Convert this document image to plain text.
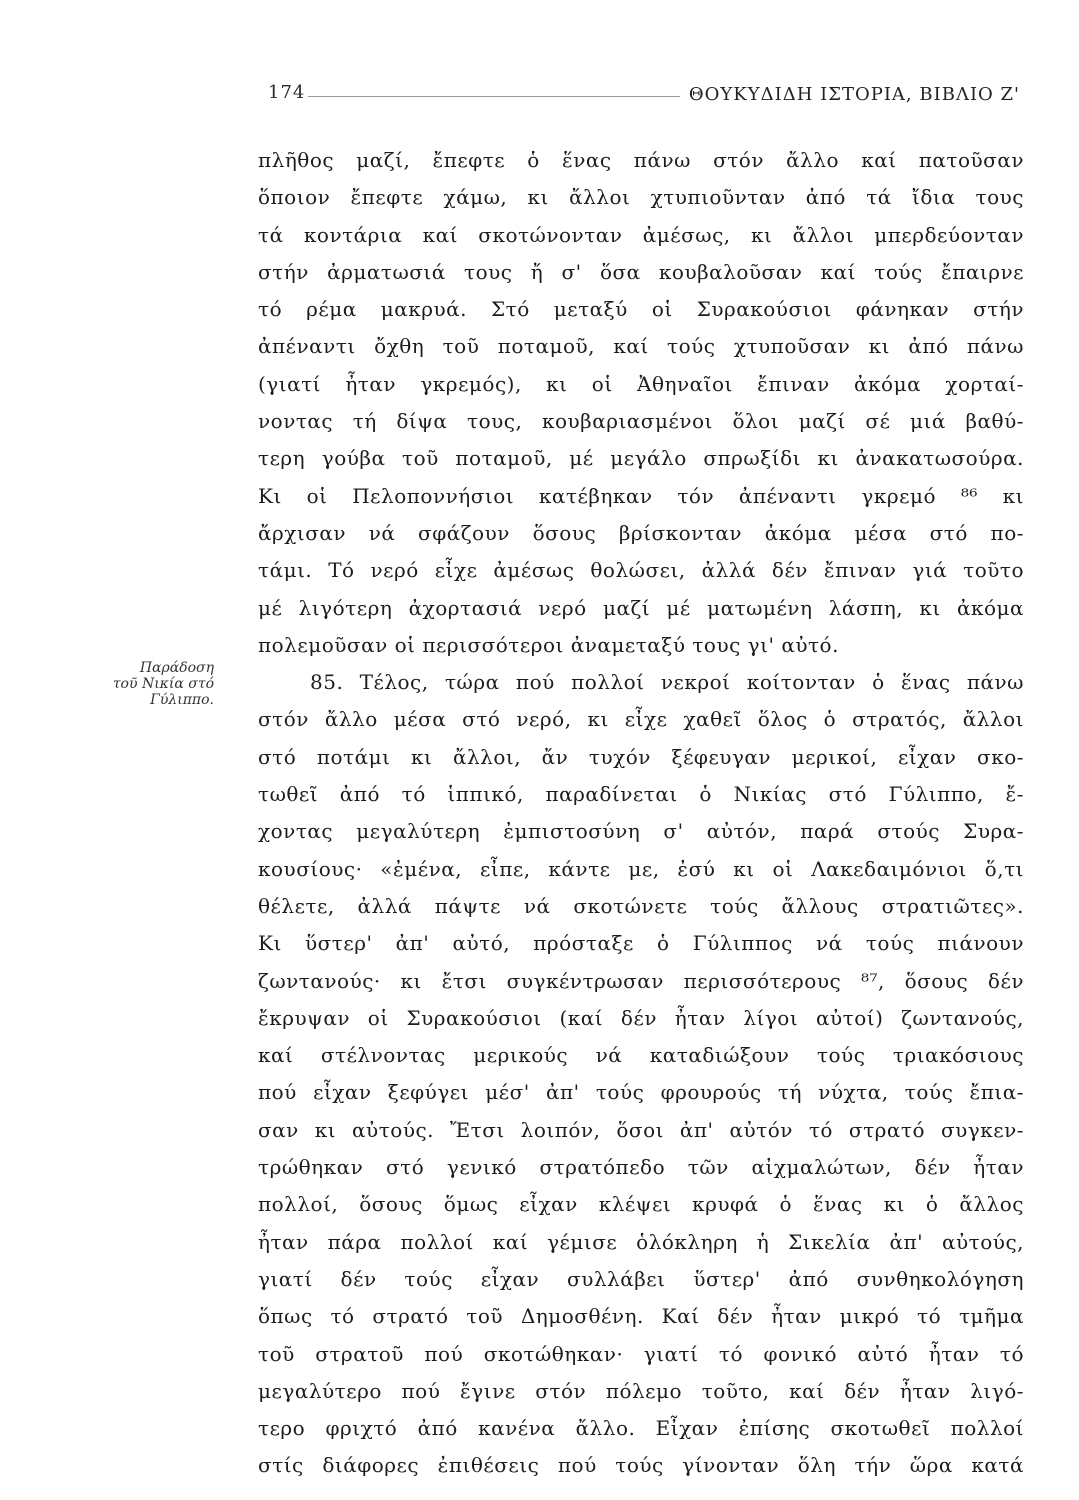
174	ΘΟΥΚΥΔΙΔΗ ΙΣΤΟΡΙΑ, ΒΙΒΛΙΟ Ζ'
Παράδοση
τοῦ Νικία στό
Γύλιππο.
πλῆθος μαζί, ἔπεφτε ὁ ἕνας πάνω στόν ἄλλο καί πατοῦσαν
ὅποιον ἔπεφτε χάμω, κι ἄλλοι χτυπιοῦνταν ἀπό τά ἴδια τους
τά κοντάρια καί σκοτώνονταν ἀμέσως, κι ἄλλοι μπερδεύονταν
στήν ἀρματωσιά τους ἤ σ' ὅσα κουβαλοῦσαν καί τούς ἔπαιρνε
τό ρέμα μακρυά. Στό μεταξύ οἱ Συρακούσιοι φάνηκαν στήν
ἀπέναντι ὄχθη τοῦ ποταμοῦ, καί τούς χτυποῦσαν κι ἀπό πάνω
(γιατί ἦταν γκρεμός), κι οἱ Ἀθηναῖοι ἔπιναν ἀκόμα χορταί-
νοντας τή δίψα τους, κουβαριασμένοι ὅλοι μαζί σέ μιά βαθύ-
τερη γούβα τοῦ ποταμοῦ, μέ μεγάλο σπρωξίδι κι ἀνακατωσούρα.
Κι οἱ Πελοποννήσιοι κατέβηκαν τόν ἀπέναντι γκρεμό ⁸⁶ κι
ἄρχισαν νά σφάζουν ὅσους βρίσκονταν ἀκόμα μέσα στό πο-
τάμι. Τό νερό εἶχε ἀμέσως θολώσει, ἀλλά δέν ἔπιναν γιά τοῦτο
μέ λιγότερη ἀχορτασιά νερό μαζί μέ ματωμένη λάσπη, κι ἀκόμα
πολεμοῦσαν οἱ περισσότεροι ἀναμεταξύ τους γι' αὐτό.
85. Τέλος, τώρα πού πολλοί νεκροί κοίτονταν ὁ ἕνας πάνω
στόν ἄλλο μέσα στό νερό, κι εἶχε χαθεῖ ὅλος ὁ στρατός, ἄλλοι
στό ποτάμι κι ἄλλοι, ἄν τυχόν ξέφευγαν μερικοί, εἶχαν σκο-
τωθεῖ ἀπό τό ἱππικό, παραδίνεται ὁ Νικίας στό Γύλιππο, ἔ-
χοντας μεγαλύτερη ἐμπιστοσύνη σ' αὐτόν, παρά στούς Συρα-
κουσίους· «ἐμένα, εἶπε, κάντε με, ἐσύ κι οἱ Λακεδαιμόνιοι ὅ,τι
θέλετε, ἀλλά πάψτε νά σκοτώνετε τούς ἄλλους στρατιῶτες».
Κι ὕστερ' ἀπ' αὐτό, πρόσταξε ὁ Γύλιππος νά τούς πιάνουν
ζωντανούς· κι ἔτσι συγκέντρωσαν περισσότερους ⁸⁷, ὅσους δέν
ἔκρυψαν οἱ Συρακούσιοι (καί δέν ἦταν λίγοι αὐτοί) ζωντανούς,
καί στέλνοντας μερικούς νά καταδιώξουν τούς τριακόσιους
πού εἶχαν ξεφύγει μέσ' ἀπ' τούς φρουρούς τή νύχτα, τούς ἔπια-
σαν κι αὐτούς. Ἔτσι λοιπόν, ὅσοι ἀπ' αὐτόν τό στρατό συγκεν-
τρώθηκαν στό γενικό στρατόπεδο τῶν αἰχμαλώτων, δέν ἦταν
πολλοί, ὅσους ὅμως εἶχαν κλέψει κρυφά ὁ ἕνας κι ὁ ἄλλος
ἦταν πάρα πολλοί καί γέμισε ὁλόκληρη ἡ Σικελία ἀπ' αὐτούς,
γιατί δέν τούς εἶχαν συλλάβει ὕστερ' ἀπό συνθηκολόγηση
ὅπως τό στρατό τοῦ Δημοσθένη. Καί δέν ἦταν μικρό τό τμῆμα
τοῦ στρατοῦ πού σκοτώθηκαν· γιατί τό φονικό αὐτό ἦταν τό
μεγαλύτερο πού ἔγινε στόν πόλεμο τοῦτο, καί δέν ἦταν λιγό-
τερο φριχτό ἀπό κανένα ἄλλο. Εἶχαν ἐπίσης σκοτωθεῖ πολλοί
στίς διάφορες ἐπιθέσεις πού τούς γίνονταν ὅλη τήν ὥρα κατά
